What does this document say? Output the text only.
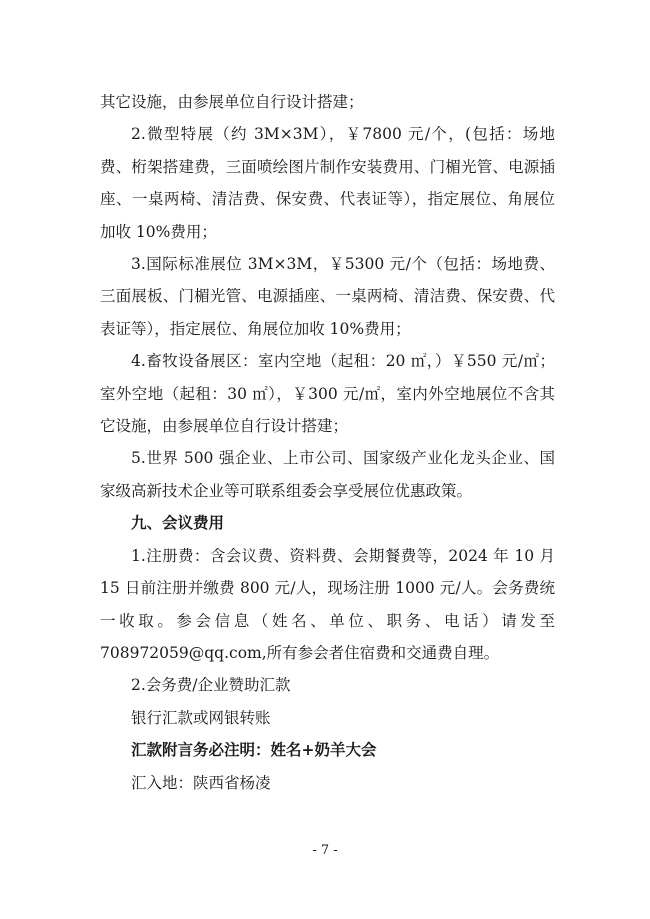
其它设施，由参展单位自行设计搭建；

2.微型特展（约 3M×3M），￥7800 元/个，(包括：场地费、桁架搭建费，三面喷绘图片制作安装费用、门楣光管、电源插座、一桌两椅、清洁费、保安费、代表证等），指定展位、角展位加收 10%费用；

3.国际标准展位 3M×3M，￥5300 元/个（包括：场地费、三面展板、门楣光管、电源插座、一桌两椅、清洁费、保安费、代表证等），指定展位、角展位加收 10%费用；

4.畜牧设备展区：室内空地（起租：20 ㎡，）￥550 元/㎡；室外空地（起租：30 ㎡），￥300 元/㎡，室内外空地展位不含其它设施，由参展单位自行设计搭建；

5.世界 500 强企业、上市公司、国家级产业化龙头企业、国家级高新技术企业等可联系组委会享受展位优惠政策。

九、会议费用

1.注册费：含会议费、资料费、会期餐费等，2024 年 10 月 15 日前注册并缴费 800 元/人，现场注册 1000 元/人。会务费统一收取。参会信息（姓名、单位、职务、电话）请发至 708972059@qq.com,所有参会者住宿费和交通费自理。

2.会务费/企业赞助汇款

银行汇款或网银转账

汇款附言务必注明：姓名+奶羊大会

汇入地：陕西省杨凌

- 7 -
